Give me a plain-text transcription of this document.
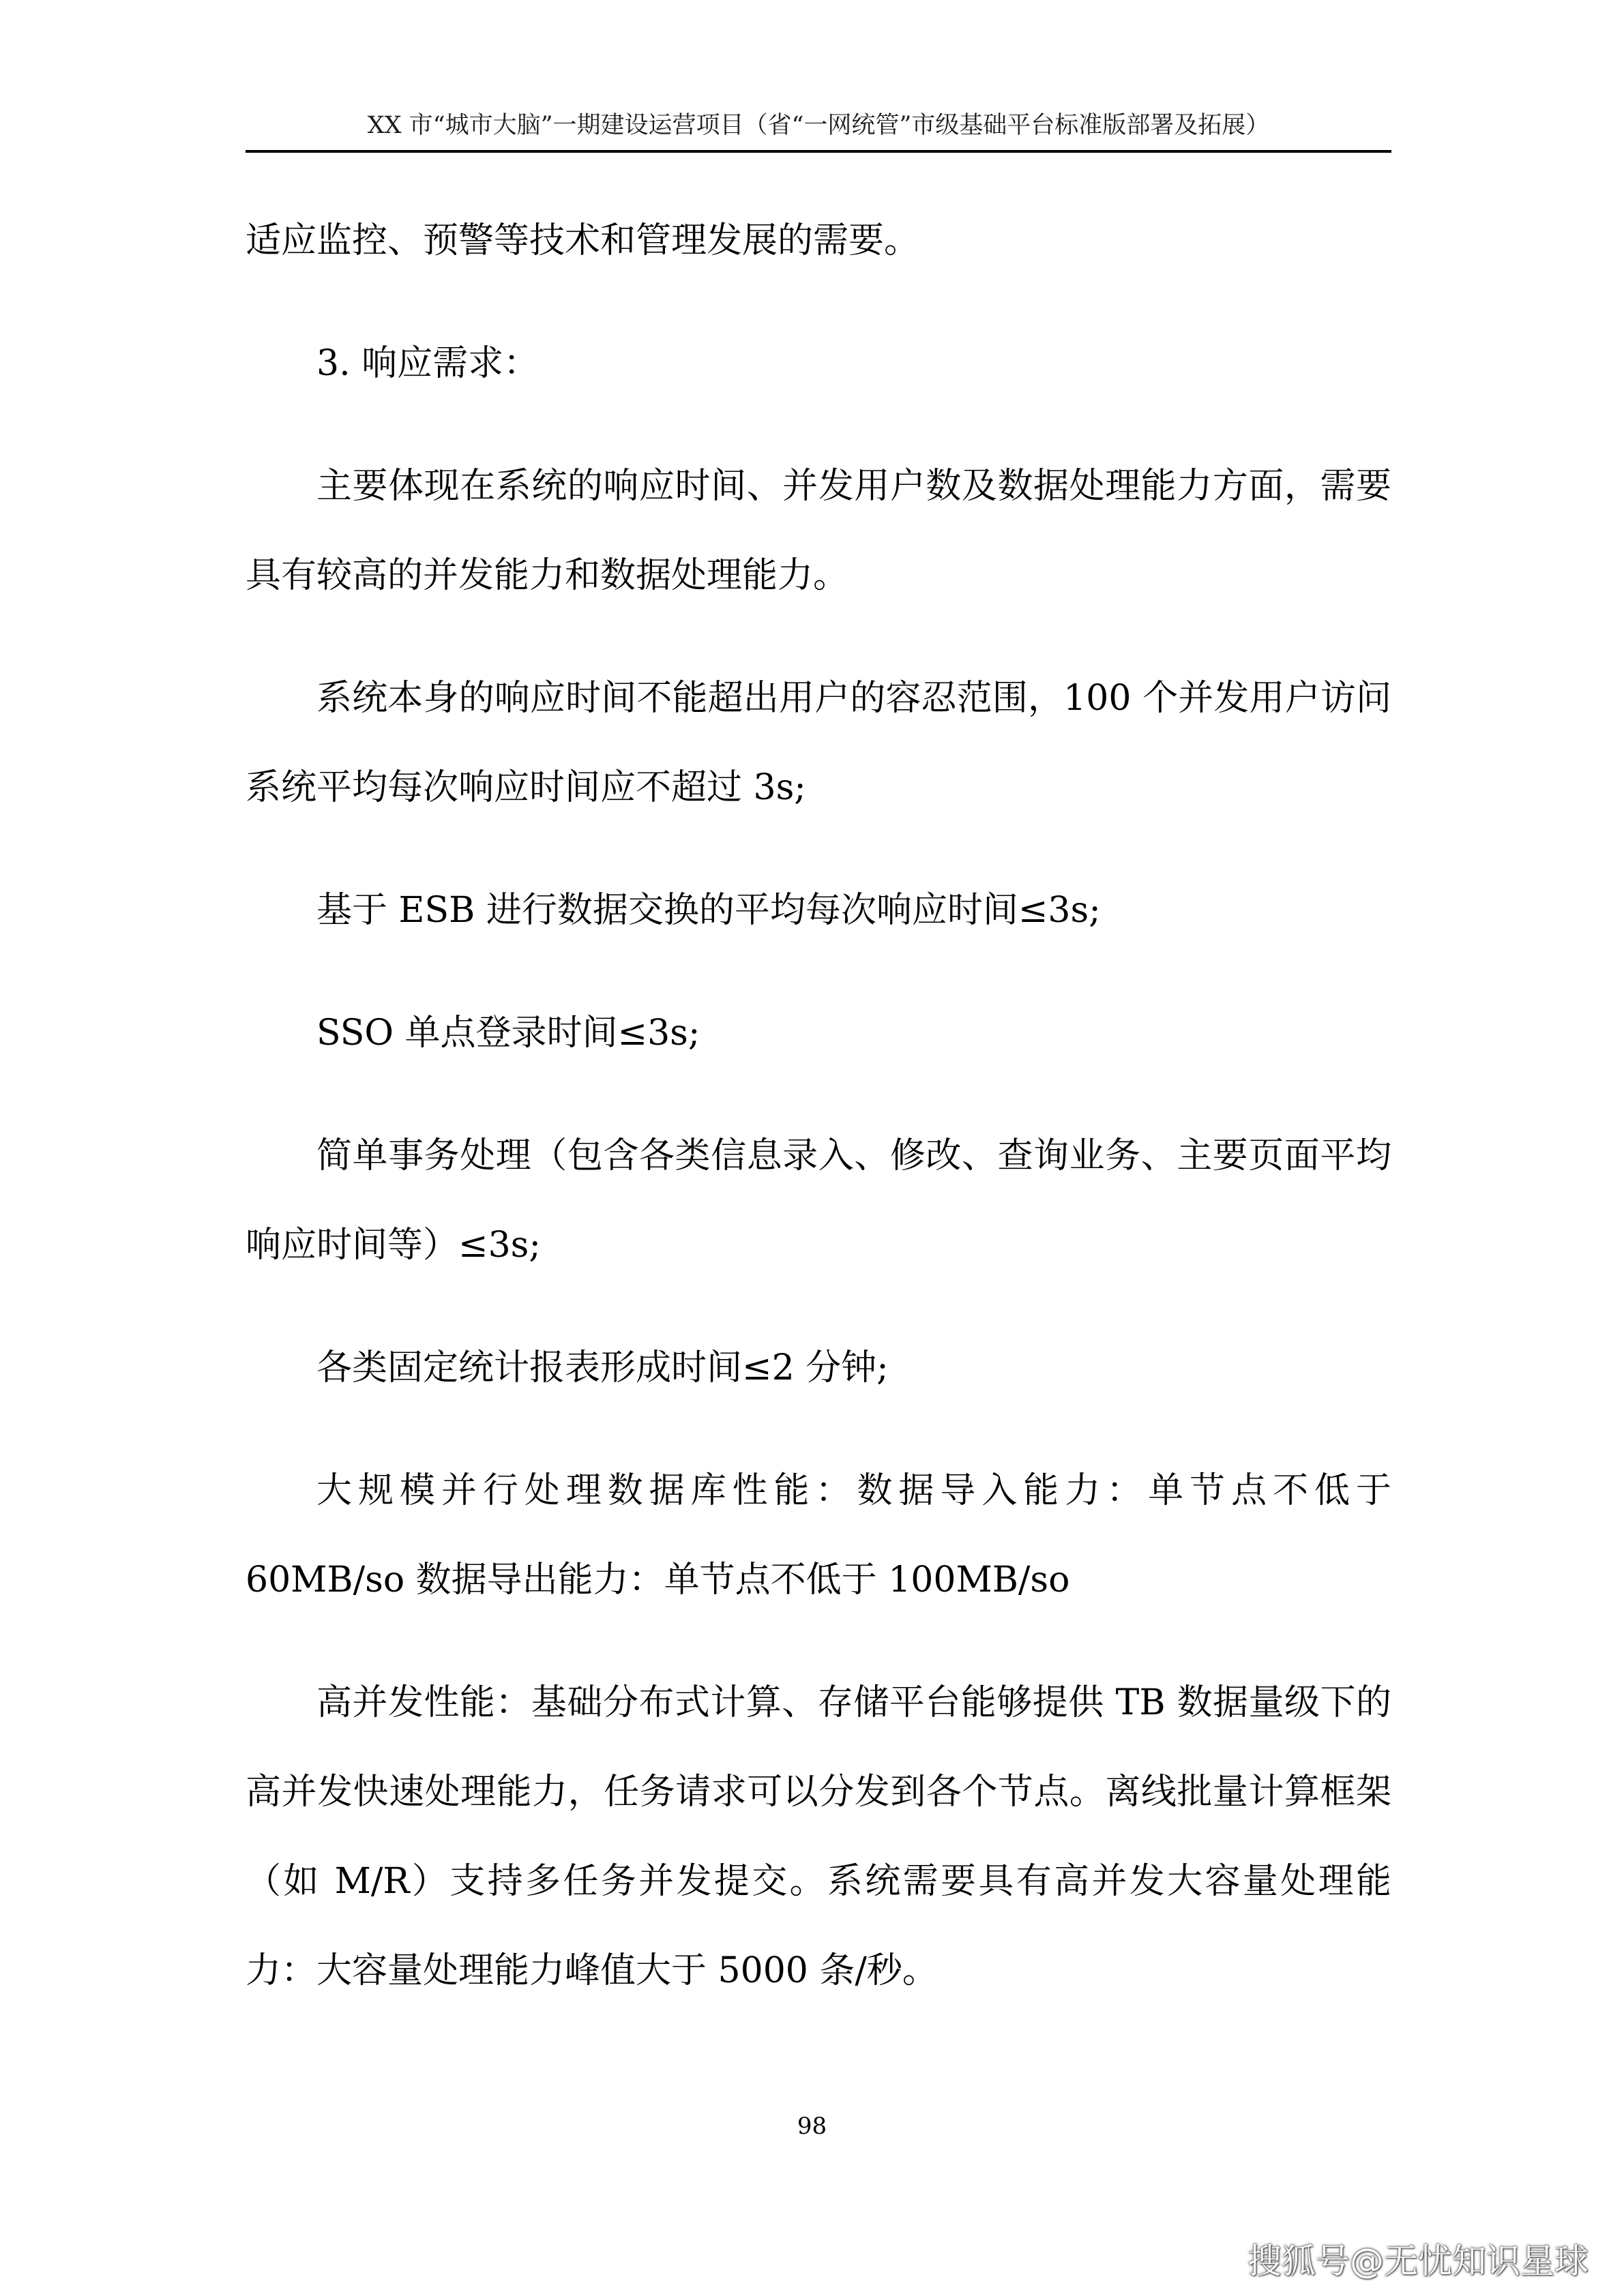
XX 市“城市大脑”一期建设运营项目（省“一网统管”市级基础平台标准版部署及拓展）

适应监控、预警等技术和管理发展的需要。

3. 响应需求：

主要体现在系统的响应时间、并发用户数及数据处理能力方面，需要具有较高的并发能力和数据处理能力。

系统本身的响应时间不能超出用户的容忍范围，100 个并发用户访问系统平均每次响应时间应不超过 3s;

基于 ESB 进行数据交换的平均每次响应时间≤3s;

SSO 单点登录时间≤3s;

简单事务处理（包含各类信息录入、修改、查询业务、主要页面平均响应时间等）≤3s;

各类固定统计报表形成时间≤2 分钟;

大规模并行处理数据库性能：数据导入能力：单节点不低于 60MB/so 数据导出能力：单节点不低于 100MB/so

高并发性能：基础分布式计算、存储平台能够提供 TB 数据量级下的高并发快速处理能力，任务请求可以分发到各个节点。离线批量计算框架（如 M/R）支持多任务并发提交。系统需要具有高并发大容量处理能力：大容量处理能力峰值大于 5000 条/秒。

98
搜狐号@无忧知识星球
